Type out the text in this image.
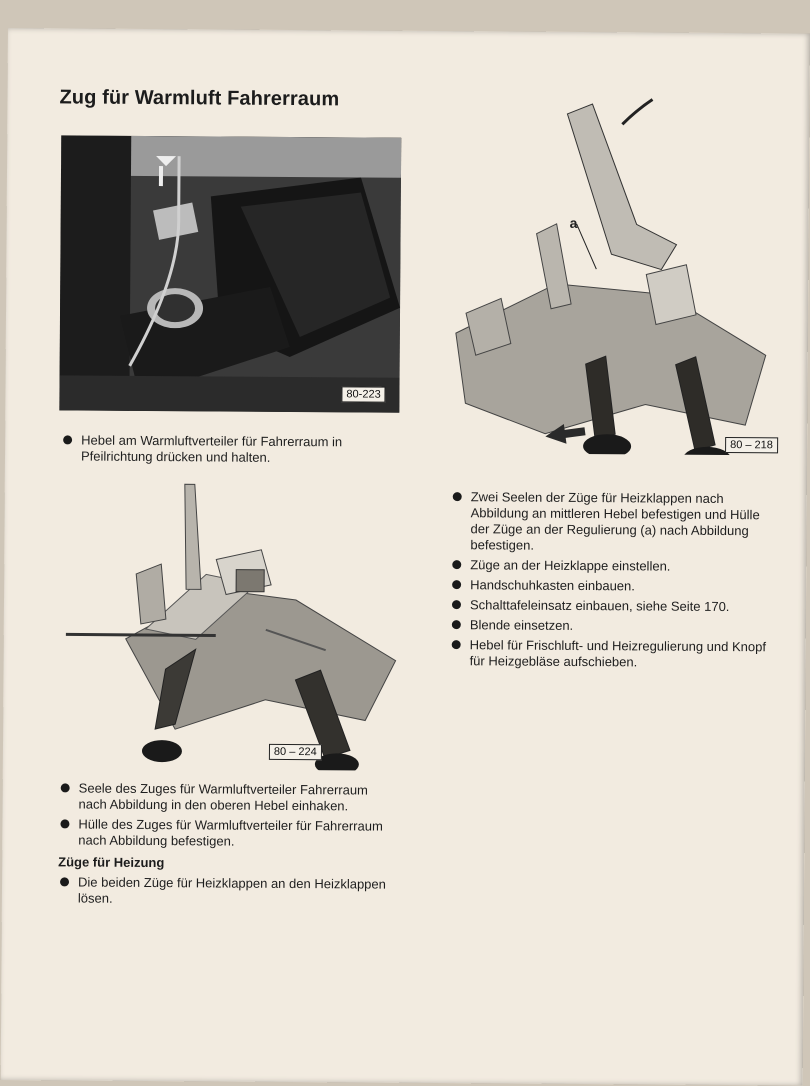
Zug für Warmluft Fahrerraum
80-223
Hebel am Warmluftverteiler für Fahrerraum in Pfeilrichtung drücken und halten.
80 – 224
Seele des Zuges für Warmluftverteiler Fahrerraum nach Abbildung in den oberen Hebel einhaken.
Hülle des Zuges für Warmluftverteiler für Fahrerraum nach Abbildung befestigen.
Züge für Heizung
Die beiden Züge für Heizklappen an den Heizklappen lösen.
a
80 – 218
Zwei Seelen der Züge für Heizklappen nach Abbildung an mittleren Hebel befestigen und Hülle der Züge an der Regulierung (a) nach Abbildung befestigen.
Züge an der Heizklappe einstellen.
Handschuhkasten einbauen.
Schalttafeleinsatz einbauen, siehe Seite 170.
Blende einsetzen.
Hebel für Frischluft- und Heizregulierung und Knopf für Heizgebläse aufschieben.
